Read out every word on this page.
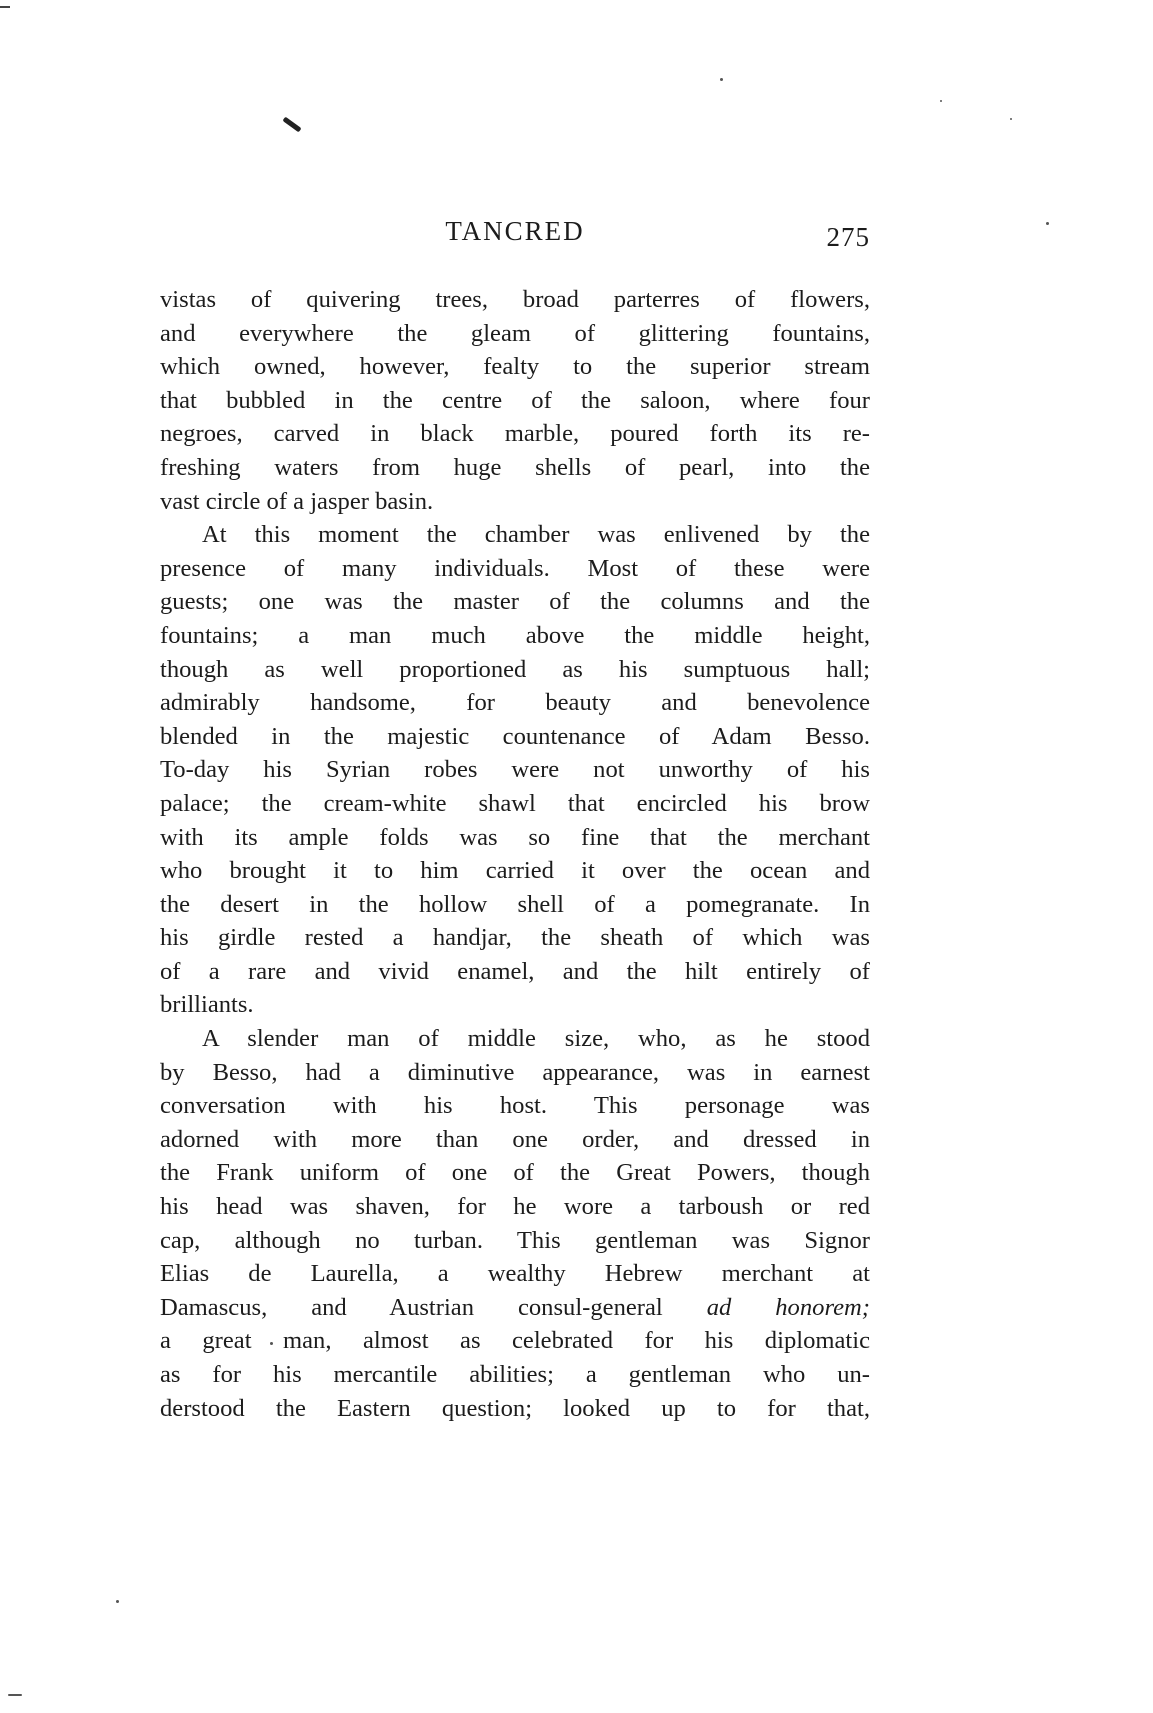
TANCRED	275
vistas of quivering trees, broad parterres of flowers,
and everywhere the gleam of glittering fountains,
which owned, however, fealty to the superior stream
that bubbled in the centre of the saloon, where four
negroes, carved in black marble, poured forth its re-
freshing waters from huge shells of pearl, into the
vast circle of a jasper basin.
At this moment the chamber was enlivened by the
presence of many individuals. Most of these were
guests; one was the master of the columns and the
fountains; a man much above the middle height,
though as well proportioned as his sumptuous hall;
admirably handsome, for beauty and benevolence
blended in the majestic countenance of Adam Besso.
To-day his Syrian robes were not unworthy of his
palace; the cream-white shawl that encircled his brow
with its ample folds was so fine that the merchant
who brought it to him carried it over the ocean and
the desert in the hollow shell of a pomegranate. In
his girdle rested a handjar, the sheath of which was
of a rare and vivid enamel, and the hilt entirely of
brilliants.
A slender man of middle size, who, as he stood
by Besso, had a diminutive appearance, was in earnest
conversation with his host. This personage was
adorned with more than one order, and dressed in
the Frank uniform of one of the Great Powers, though
his head was shaven, for he wore a tarboush or red
cap, although no turban. This gentleman was Signor
Elias de Laurella, a wealthy Hebrew merchant at
Damascus, and Austrian consul-general ad honorem;
a great man, almost as celebrated for his diplomatic
as for his mercantile abilities; a gentleman who un-
derstood the Eastern question; looked up to for that,
